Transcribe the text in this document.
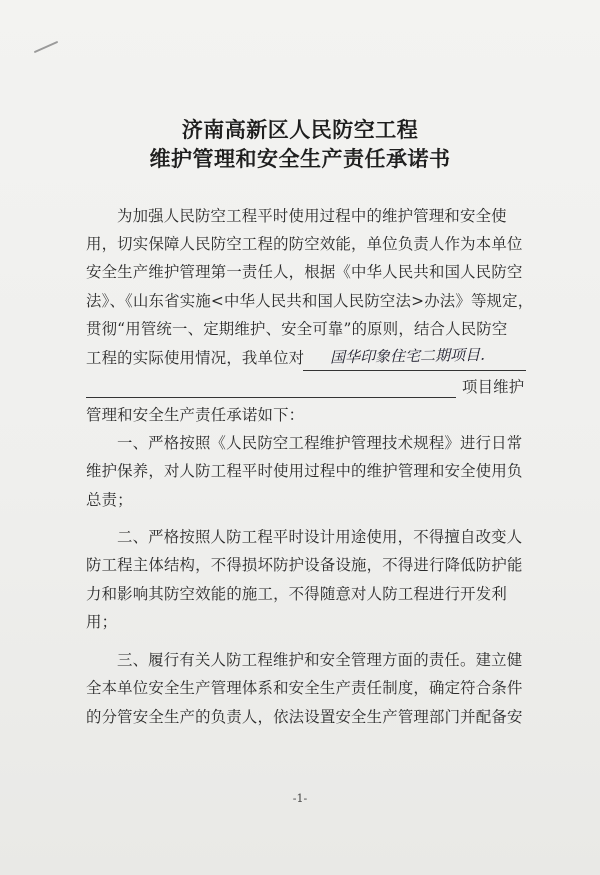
济南高新区人民防空工程
维护管理和安全生产责任承诺书
为加强人民防空工程平时使用过程中的维护管理和安全使
用，切实保障人民防空工程的防空效能，单位负责人作为本单位
安全生产维护管理第一责任人，根据《中华人民共和国人民防空
法》、《山东省实施<中华人民共和国人民防空法>办法》等规定，
贯彻“用管统一、定期维护、安全可靠”的原则，结合人民防空
工程的实际使用情况，我单位对	国华印象住宅二期项目．
项目维护
管理和安全生产责任承诺如下：
一、严格按照《人民防空工程维护管理技术规程》进行日常
维护保养，对人防工程平时使用过程中的维护管理和安全使用负
总责；
二、严格按照人防工程平时设计用途使用，不得擅自改变人
防工程主体结构，不得损坏防护设备设施，不得进行降低防护能
力和影响其防空效能的施工，不得随意对人防工程进行开发利
用；
三、履行有关人防工程维护和安全管理方面的责任。建立健
全本单位安全生产管理体系和安全生产责任制度，确定符合条件
的分管安全生产的负责人，依法设置安全生产管理部门并配备安
-1-
